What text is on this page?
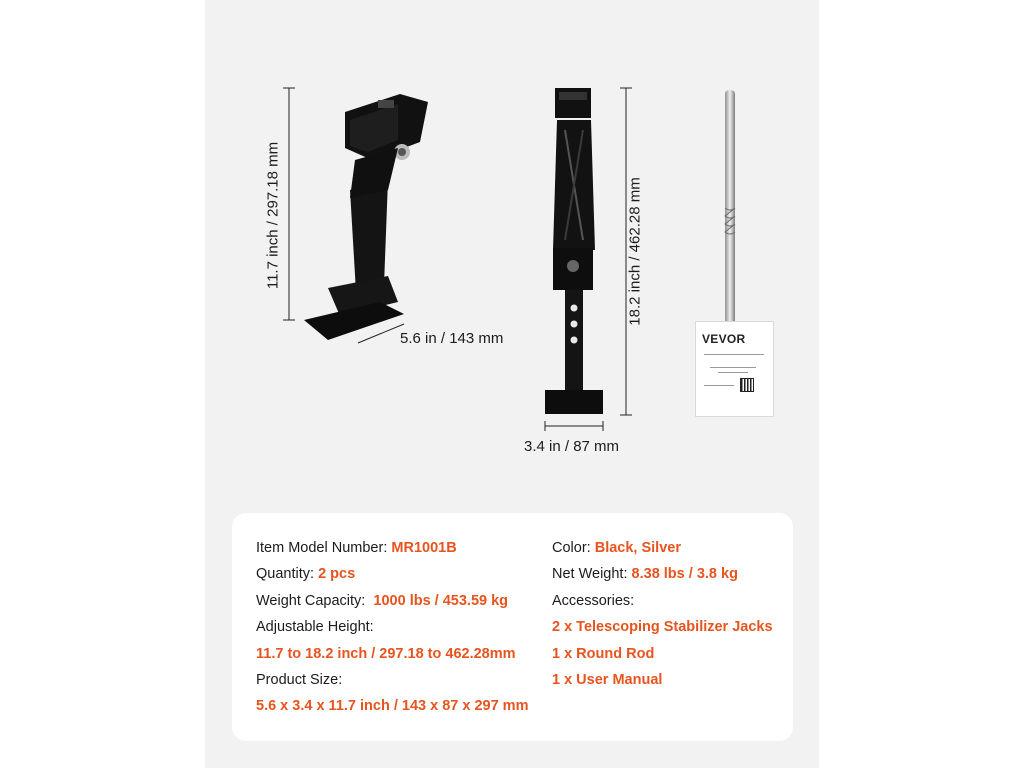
11.7 inch / 297.18 mm
5.6 in / 143 mm
18.2 inch / 462.28 mm
3.4 in / 87 mm
VEVOR
Item Model Number: MR1001B
Quantity: 2 pcs
Weight Capacity:  1000 lbs / 453.59 kg
Adjustable Height:
11.7 to 18.2 inch / 297.18 to 462.28mm
Product Size:
5.6 x 3.4 x 11.7 inch / 143 x 87 x 297 mm
Color: Black, Silver
Net Weight: 8.38 lbs / 3.8 kg
Accessories:
2 x Telescoping Stabilizer Jacks
1 x Round Rod
1 x User Manual
